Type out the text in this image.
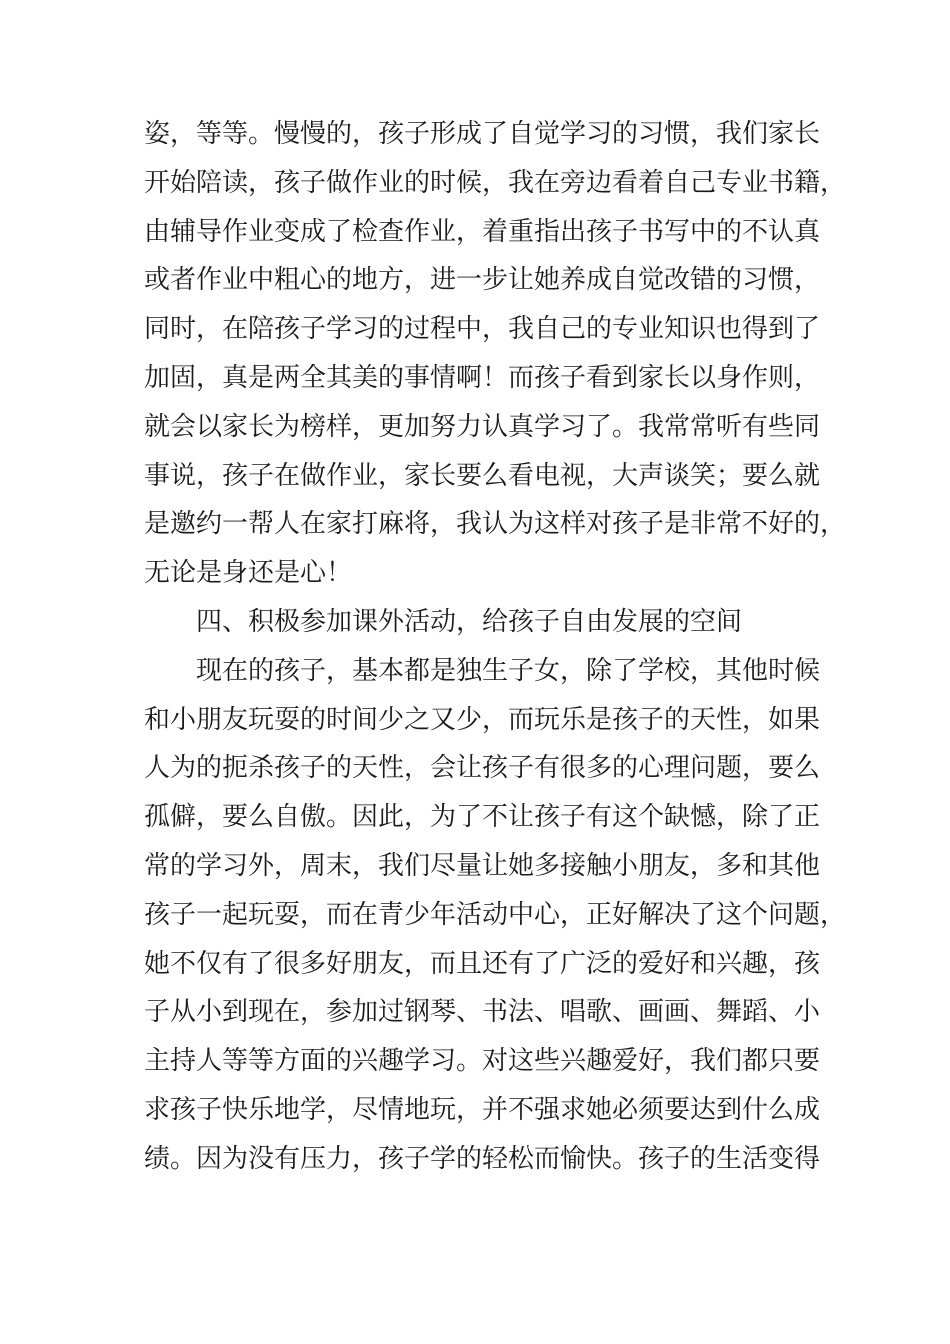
姿，等等。慢慢的，孩子形成了自觉学习的习惯，我们家长
开始陪读，孩子做作业的时候，我在旁边看着自己专业书籍，
由辅导作业变成了检查作业，着重指出孩子书写中的不认真
或者作业中粗心的地方，进一步让她养成自觉改错的习惯，
同时，在陪孩子学习的过程中，我自己的专业知识也得到了
加固，真是两全其美的事情啊！而孩子看到家长以身作则，
就会以家长为榜样，更加努力认真学习了。我常常听有些同
事说，孩子在做作业，家长要么看电视，大声谈笑；要么就
是邀约一帮人在家打麻将，我认为这样对孩子是非常不好的，
无论是身还是心！
四、积极参加课外活动，给孩子自由发展的空间
现在的孩子，基本都是独生子女，除了学校，其他时候
和小朋友玩耍的时间少之又少，而玩乐是孩子的天性，如果
人为的扼杀孩子的天性，会让孩子有很多的心理问题，要么
孤僻，要么自傲。因此，为了不让孩子有这个缺憾，除了正
常的学习外，周末，我们尽量让她多接触小朋友，多和其他
孩子一起玩耍，而在青少年活动中心，正好解决了这个问题，
她不仅有了很多好朋友，而且还有了广泛的爱好和兴趣，孩
子从小到现在，参加过钢琴、书法、唱歌、画画、舞蹈、小
主持人等等方面的兴趣学习。对这些兴趣爱好，我们都只要
求孩子快乐地学，尽情地玩，并不强求她必须要达到什么成
绩。因为没有压力，孩子学的轻松而愉快。孩子的生活变得
